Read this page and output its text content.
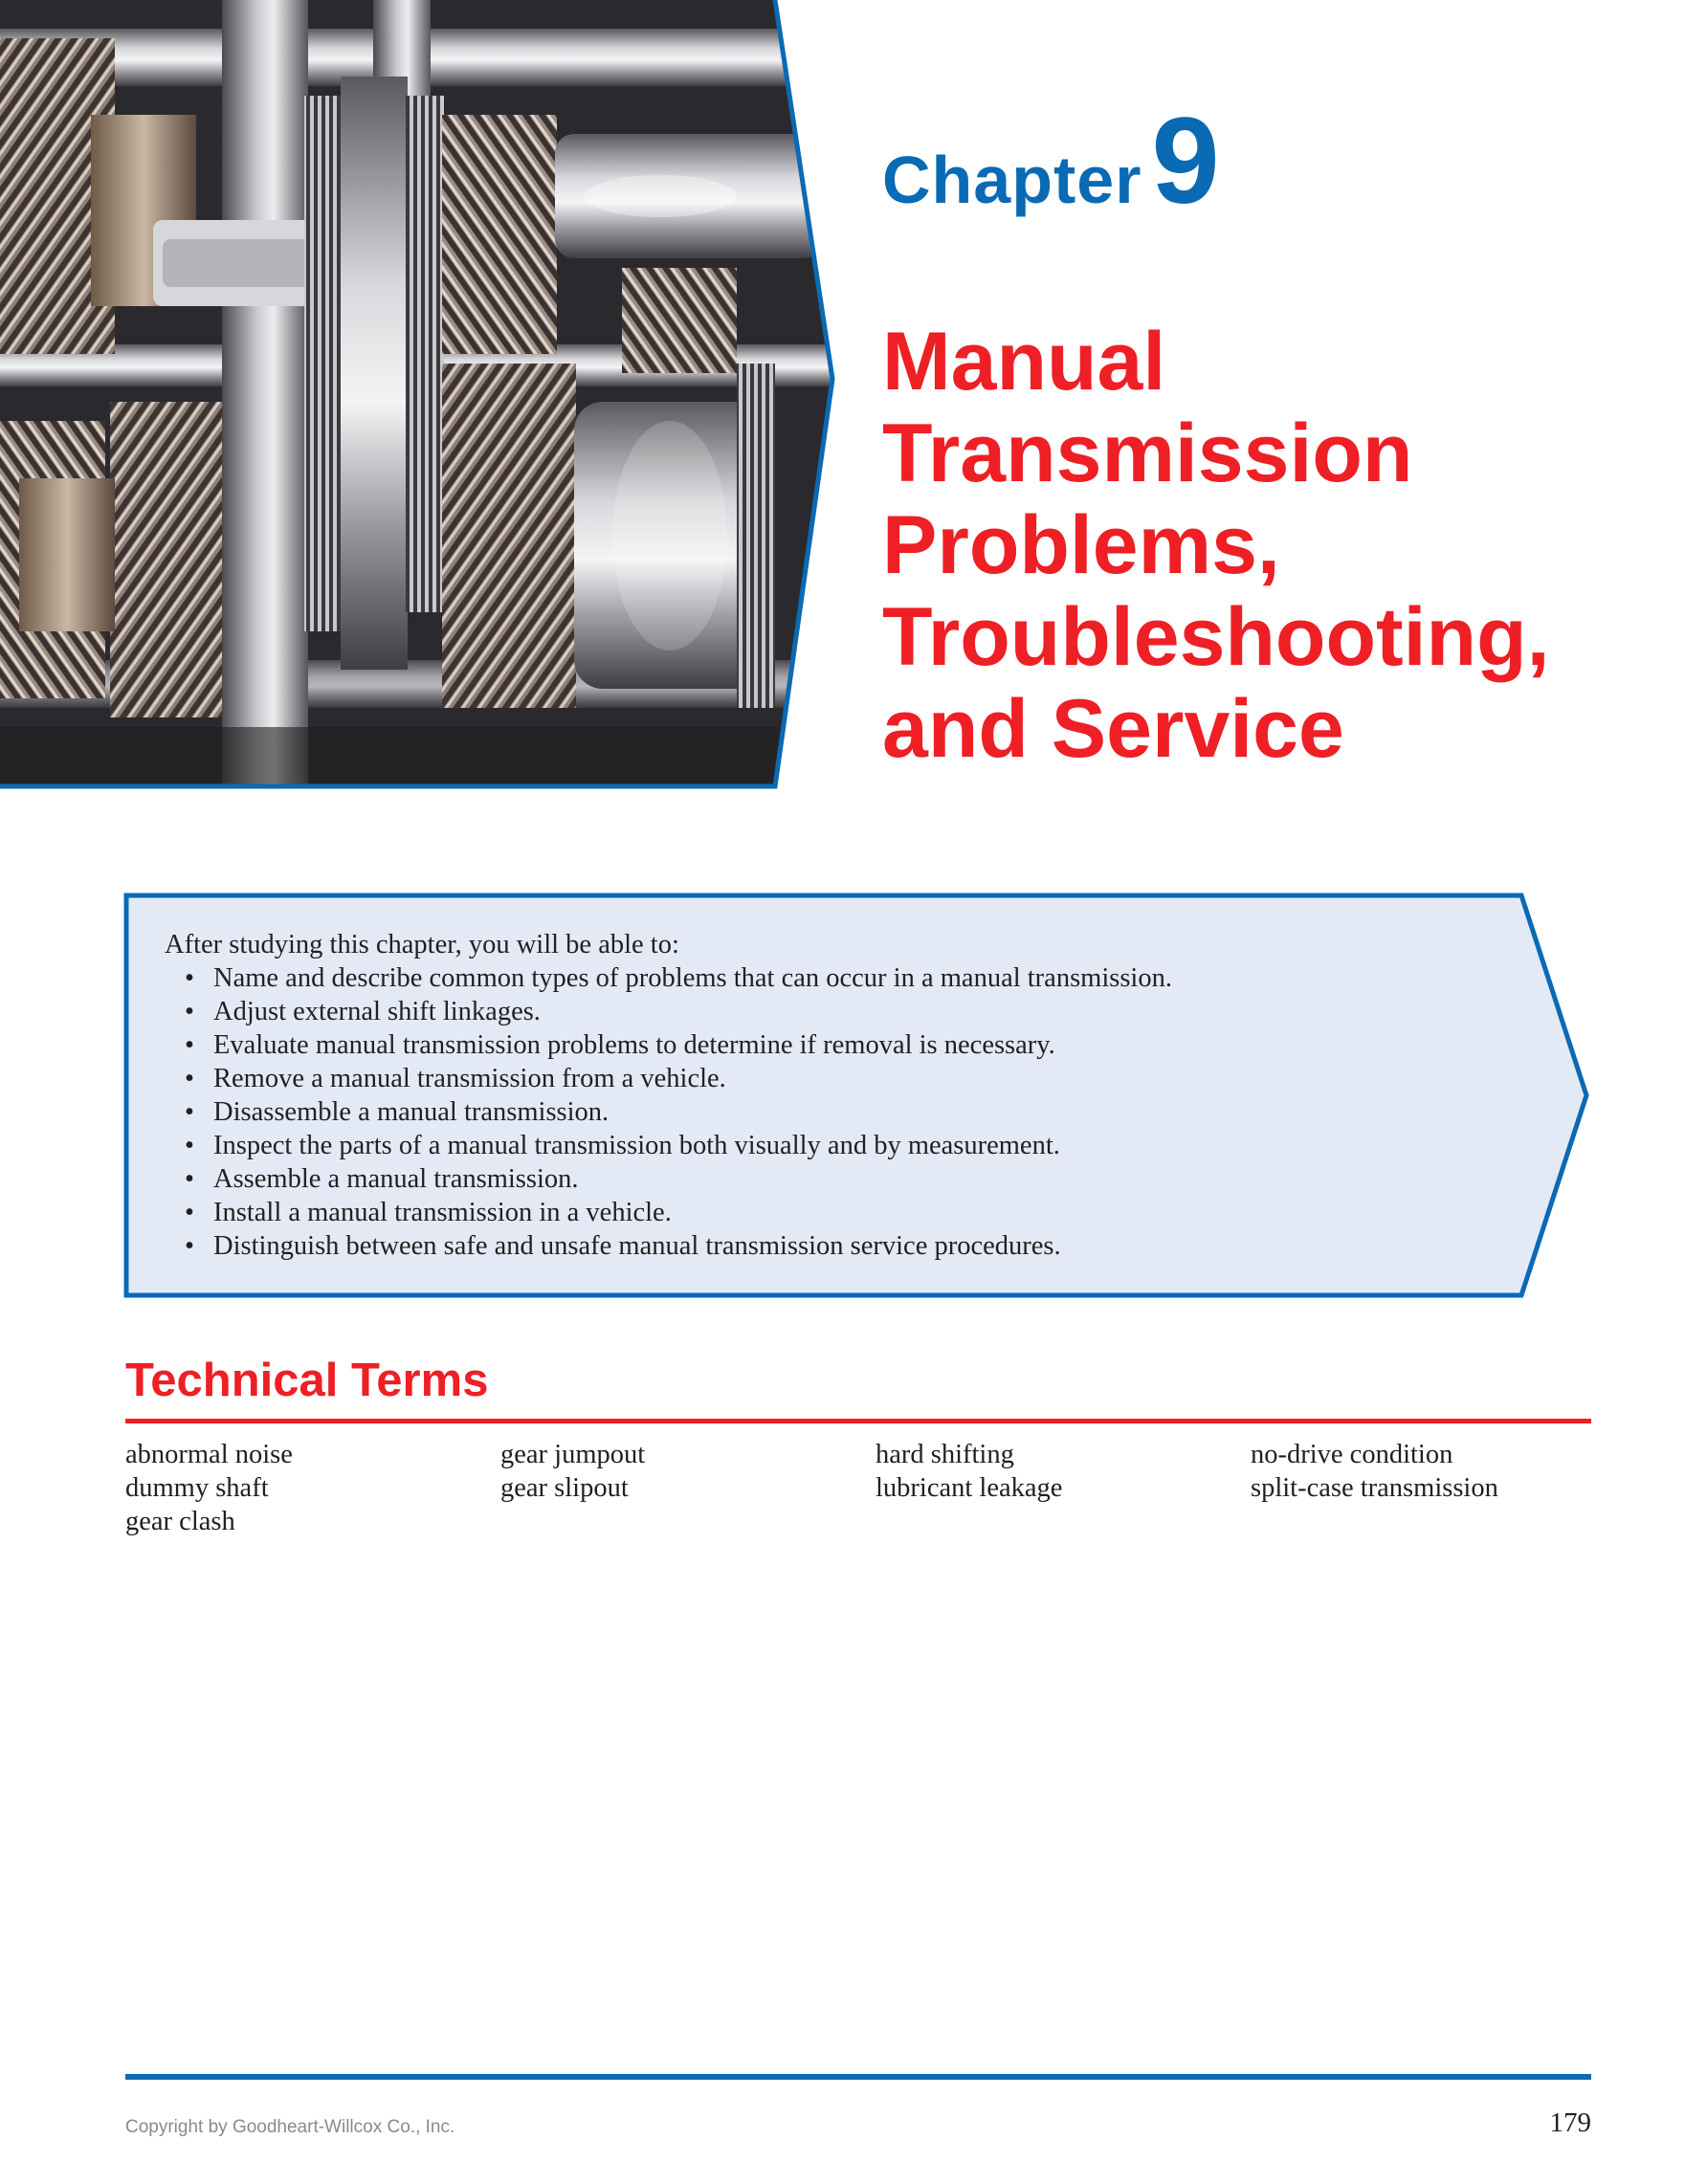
Chapter9
Manual
Transmission
Problems,
Troubleshooting,
and Service

After studying this chapter, you will be able to:

• Name and describe common types of problems that can occur in a manual transmission.
• Adjust external shift linkages.
• Evaluate manual transmission problems to determine if removal is necessary.
• Remove a manual transmission from a vehicle.
• Disassemble a manual transmission.
• Inspect the parts of a manual transmission both visually and by measurement.
• Assemble a manual transmission.
• Install a manual transmission in a vehicle.
• Distinguish between safe and unsafe manual transmission service procedures.
Technical Terms
abnormal noise
dummy shaft
gear clash
gear jumpout
gear slipout
hard shifting
lubricant leakage
no-drive condition
split-case transmission
Copyright by Goodheart-Willcox Co., Inc.	179
